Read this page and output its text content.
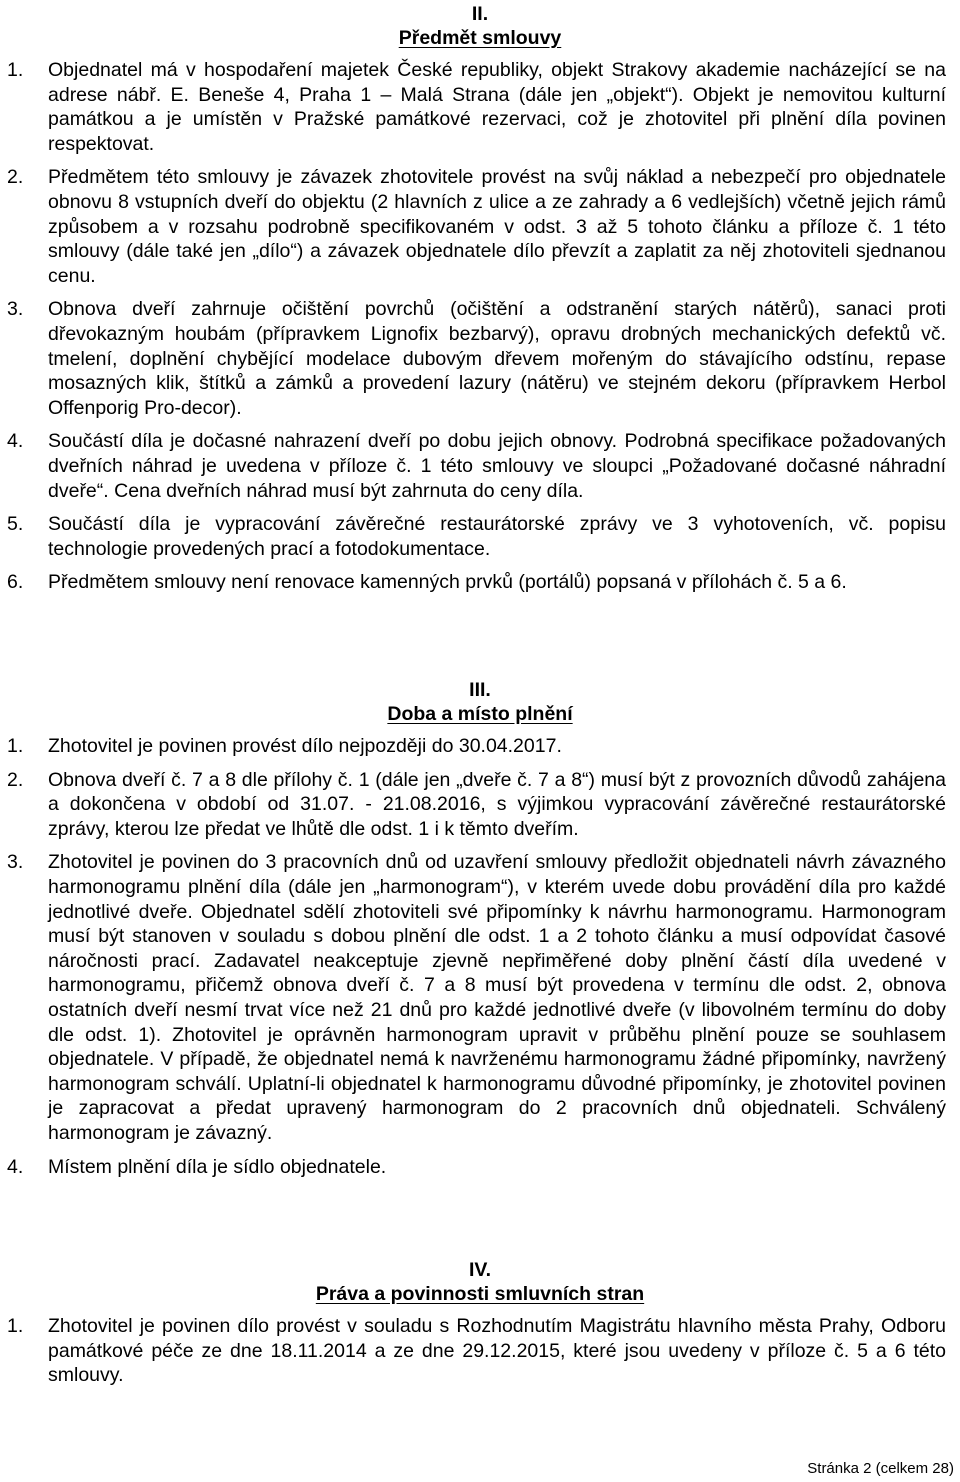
II.
Předmět smlouvy
1. Objednatel má v hospodaření majetek České republiky, objekt Strakovy akademie nacházející se na adrese nábř. E. Beneše 4, Praha 1 – Malá Strana (dále jen „objekt“). Objekt je nemovitou kulturní památkou a je umístěn v Pražské památkové rezervaci, což je zhotovitel při plnění díla povinen respektovat.
2. Předmětem této smlouvy je závazek zhotovitele provést na svůj náklad a nebezpečí pro objednatele obnovu 8 vstupních dveří do objektu (2 hlavních z ulice a ze zahrady a 6 vedlejších) včetně jejich rámů způsobem a v rozsahu podrobně specifikovaném v odst. 3 až 5 tohoto článku a příloze č. 1 této smlouvy (dále také jen „dílo“) a závazek objednatele dílo převzít a zaplatit za něj zhotoviteli sjednanou cenu.
3. Obnova dveří zahrnuje očištění povrchů (očištění a odstranění starých nátěrů), sanaci proti dřevokazným houbám (přípravkem Lignofix bezbarvý), opravu drobných mechanických defektů vč. tmelení, doplnění chybějící modelace dubovým dřevem mořeným do stávajícího odstínu, repase mosazných klik, štítků a zámků a provedení lazury (nátěru) ve stejném dekoru (přípravkem Herbol Offenporig Pro-decor).
4. Součástí díla je dočasné nahrazení dveří po dobu jejich obnovy. Podrobná specifikace požadovaných dveřních náhrad je uvedena v příloze č. 1 této smlouvy ve sloupci „Požadované dočasné náhradní dveře“. Cena dveřních náhrad musí být zahrnuta do ceny díla.
5. Součástí díla je vypracování závěrečné restaurátorské zprávy ve 3 vyhotoveních, vč. popisu technologie provedených prací a fotodokumentace.
6. Předmětem smlouvy není renovace kamenných prvků (portálů) popsaná v přílohách č. 5 a 6.
III.
Doba a místo plnění
1. Zhotovitel je povinen provést dílo nejpozději do 30.04.2017.
2. Obnova dveří č. 7 a 8 dle přílohy č. 1 (dále jen „dveře č. 7 a 8“) musí být z provozních důvodů zahájena a dokončena v období od 31.07. - 21.08.2016, s výjimkou vypracování závěrečné restaurátorské zprávy, kterou lze předat ve lhůtě dle odst. 1 i k těmto dveřím.
3. Zhotovitel je povinen do 3 pracovních dnů od uzavření smlouvy předložit objednateli návrh závazného harmonogramu plnění díla (dále jen „harmonogram“), v kterém uvede dobu provádění díla pro každé jednotlivé dveře. Objednatel sdělí zhotoviteli své připomínky k návrhu harmonogramu. Harmonogram musí být stanoven v souladu s dobou plnění dle odst. 1 a 2 tohoto článku a musí odpovídat časové náročnosti prací. Zadavatel neakceptuje zjevně nepřiměřené doby plnění částí díla uvedené v harmonogramu, přičemž obnova dveří č. 7 a 8 musí být provedena v termínu dle odst. 2, obnova ostatních dveří nesmí trvat více než 21 dnů pro každé jednotlivé dveře (v libovolném termínu do doby dle odst. 1). Zhotovitel je oprávněn harmonogram upravit v průběhu plnění pouze se souhlasem objednatele. V případě, že objednatel nemá k navrženému harmonogramu žádné připomínky, navržený harmonogram schválí. Uplatní-li objednatel k harmonogramu důvodné připomínky, je zhotovitel povinen je zapracovat a předat upravený harmonogram do 2 pracovních dnů objednateli. Schválený harmonogram je závazný.
4. Místem plnění díla je sídlo objednatele.
IV.
Práva a povinnosti smluvních stran
1. Zhotovitel je povinen dílo provést v souladu s Rozhodnutím Magistrátu hlavního města Prahy, Odboru památkové péče ze dne 18.11.2014 a ze dne 29.12.2015, které jsou uvedeny v příloze č. 5 a 6 této smlouvy.
Stránka 2 (celkem 28)
